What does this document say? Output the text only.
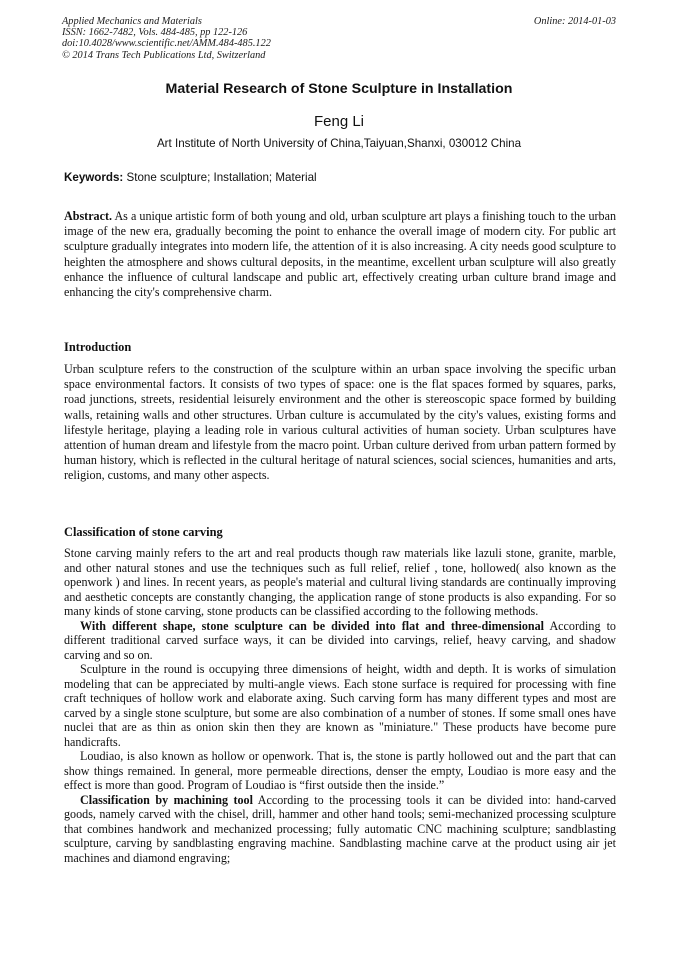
Applied Mechanics and Materials
ISSN: 1662-7482, Vols. 484-485, pp 122-126
doi:10.4028/www.scientific.net/AMM.484-485.122
© 2014 Trans Tech Publications Ltd, Switzerland
Online: 2014-01-03
Material Research of Stone Sculpture in Installation
Feng Li
Art Institute of North University of China,Taiyuan,Shanxi, 030012 China
Keywords: Stone sculpture; Installation; Material

Abstract. As a unique artistic form of both young and old, urban sculpture art plays a finishing touch to the urban image of the new era, gradually becoming the point to enhance the overall image of modern city. For public art sculpture gradually integrates into modern life, the attention of it is also increasing. A city needs good sculpture to heighten the atmosphere and shows cultural deposits, in the meantime, excellent urban sculpture will also greatly enhance the influence of cultural landscape and public art, effectively creating urban culture brand image and enhancing the city's comprehensive charm.

Introduction

Urban sculpture refers to the construction of the sculpture within an urban space involving the specific urban space environmental factors. It consists of two types of space: one is the flat spaces formed by squares, parks, road junctions, streets, residential leisurely environment and the other is stereoscopic space formed by building walls, retaining walls and other structures. Urban culture is accumulated by the city's values, existing forms and lifestyle heritage, playing a leading role in various cultural activities of human society. Urban sculptures have attention of human dream and lifestyle from the macro point. Urban culture derived from urban pattern formed by human history, which is reflected in the cultural heritage of natural sciences, social sciences, humanities and arts, religion, customs, and many other aspects.

Classification of stone carving

Stone carving mainly refers to the art and real products though raw materials like lazuli stone, granite, marble, and other natural stones and use the techniques such as full relief, relief , tone, hollowed( also known as the openwork ) and lines. In recent years, as people's material and cultural living standards are continually improving and aesthetic concepts are constantly changing, the application range of stone products is also expanding. For so many kinds of stone carving, stone products can be classified according to the following methods.

With different shape, stone sculpture can be divided into flat and three-dimensional According to different traditional carved surface ways, it can be divided into carvings, relief, heavy carving, and shadow carving and so on.

Sculpture in the round is occupying three dimensions of height, width and depth. It is works of simulation modeling that can be appreciated by multi-angle views. Each stone surface is required for processing with fine craft techniques of hollow work and elaborate axing. Such carving form has many different types and most are carved by a single stone sculpture, but some are also combination of a number of stones. If some small ones have nuclei that are as thin as onion skin then they are known as "miniature." These products have become pure handicrafts.

Loudiao, is also known as hollow or openwork. That is, the stone is partly hollowed out and the part that can show things remained. In general, more permeable directions, denser the empty, Loudiao is more easy and the effect is more than good. Program of Loudiao is “first outside then the inside.”

Classification by machining tool According to the processing tools it can be divided into: hand-carved goods, namely carved with the chisel, drill, hammer and other hand tools; semi-mechanized processing sculpture that combines handwork and mechanized processing; fully automatic CNC machining sculpture; sandblasting sculpture, carving by sandblasting engraving machine. Sandblasting machine carve at the product using air jet machines and diamond engraving;
